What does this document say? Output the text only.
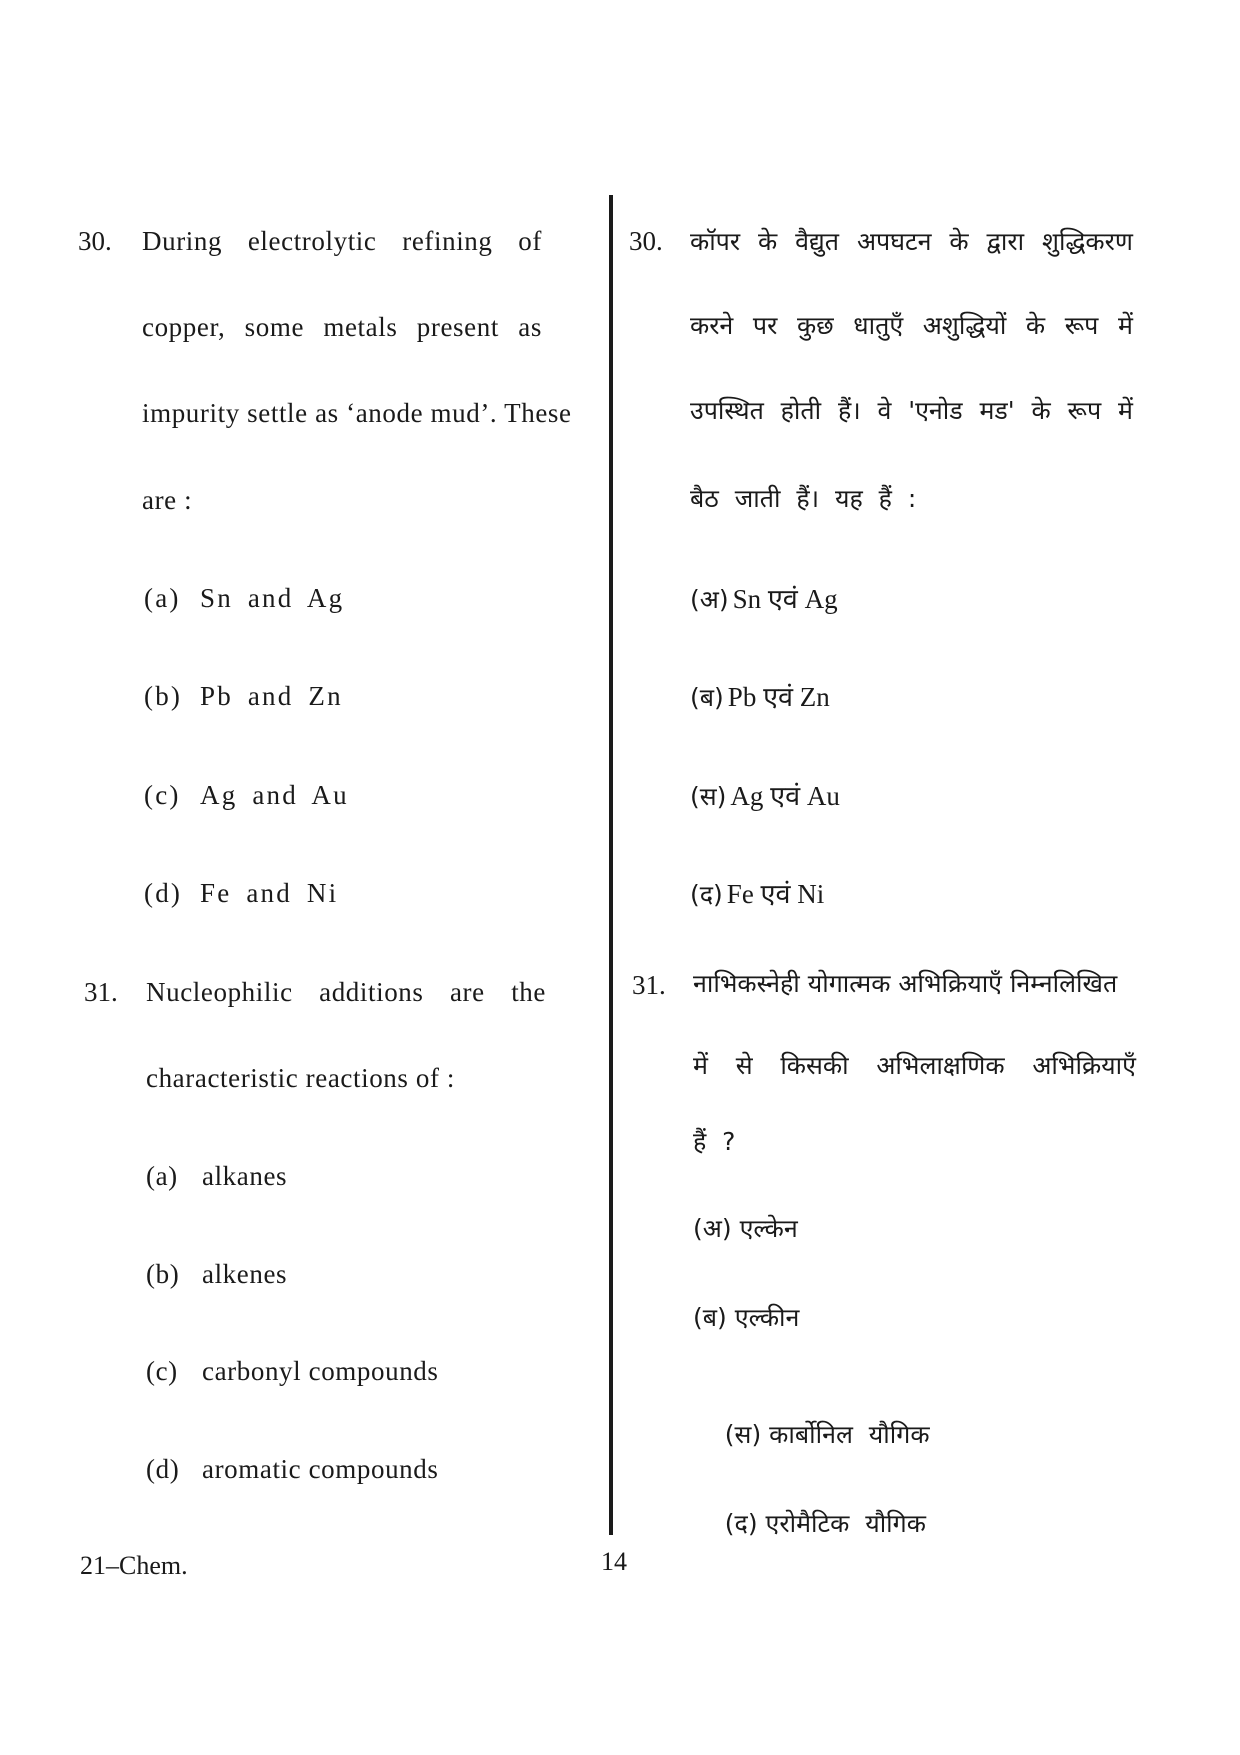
30. During electrolytic refining of
copper, some metals present as
impurity settle as ‘anode mud’. These
are :
(a) Sn and Ag
(b) Pb and Zn
(c) Ag and Au
(d) Fe and Ni
31. Nucleophilic additions are the
characteristic reactions of :
(a) alkanes
(b) alkenes
(c) carbonyl compounds
(d) aromatic compounds
30. कॉपर के वैद्युत अपघटन के द्वारा शुद्धिकरण
करने पर कुछ धातुएँ अशुद्धियों के रूप में
उपस्थित होती हैं। वे 'एनोड मड' के रूप में
बैठ  जाती  हैं।  यह  हैं  :
(अ) Sn एवं Ag
(ब) Pb एवं Zn
(स) Ag एवं Au
(द) Fe एवं Ni
31. नाभिकस्नेही योगात्मक अभिक्रियाएँ निम्नलिखित
में से किसकी अभिलाक्षणिक अभिक्रियाएँ
हैं  ?
(अ) एल्केन
(ब) एल्कीन

(स) कार्बोनिल  यौगिक

(द) एरोमैटिक  यौगिक

21–Chem.	14
